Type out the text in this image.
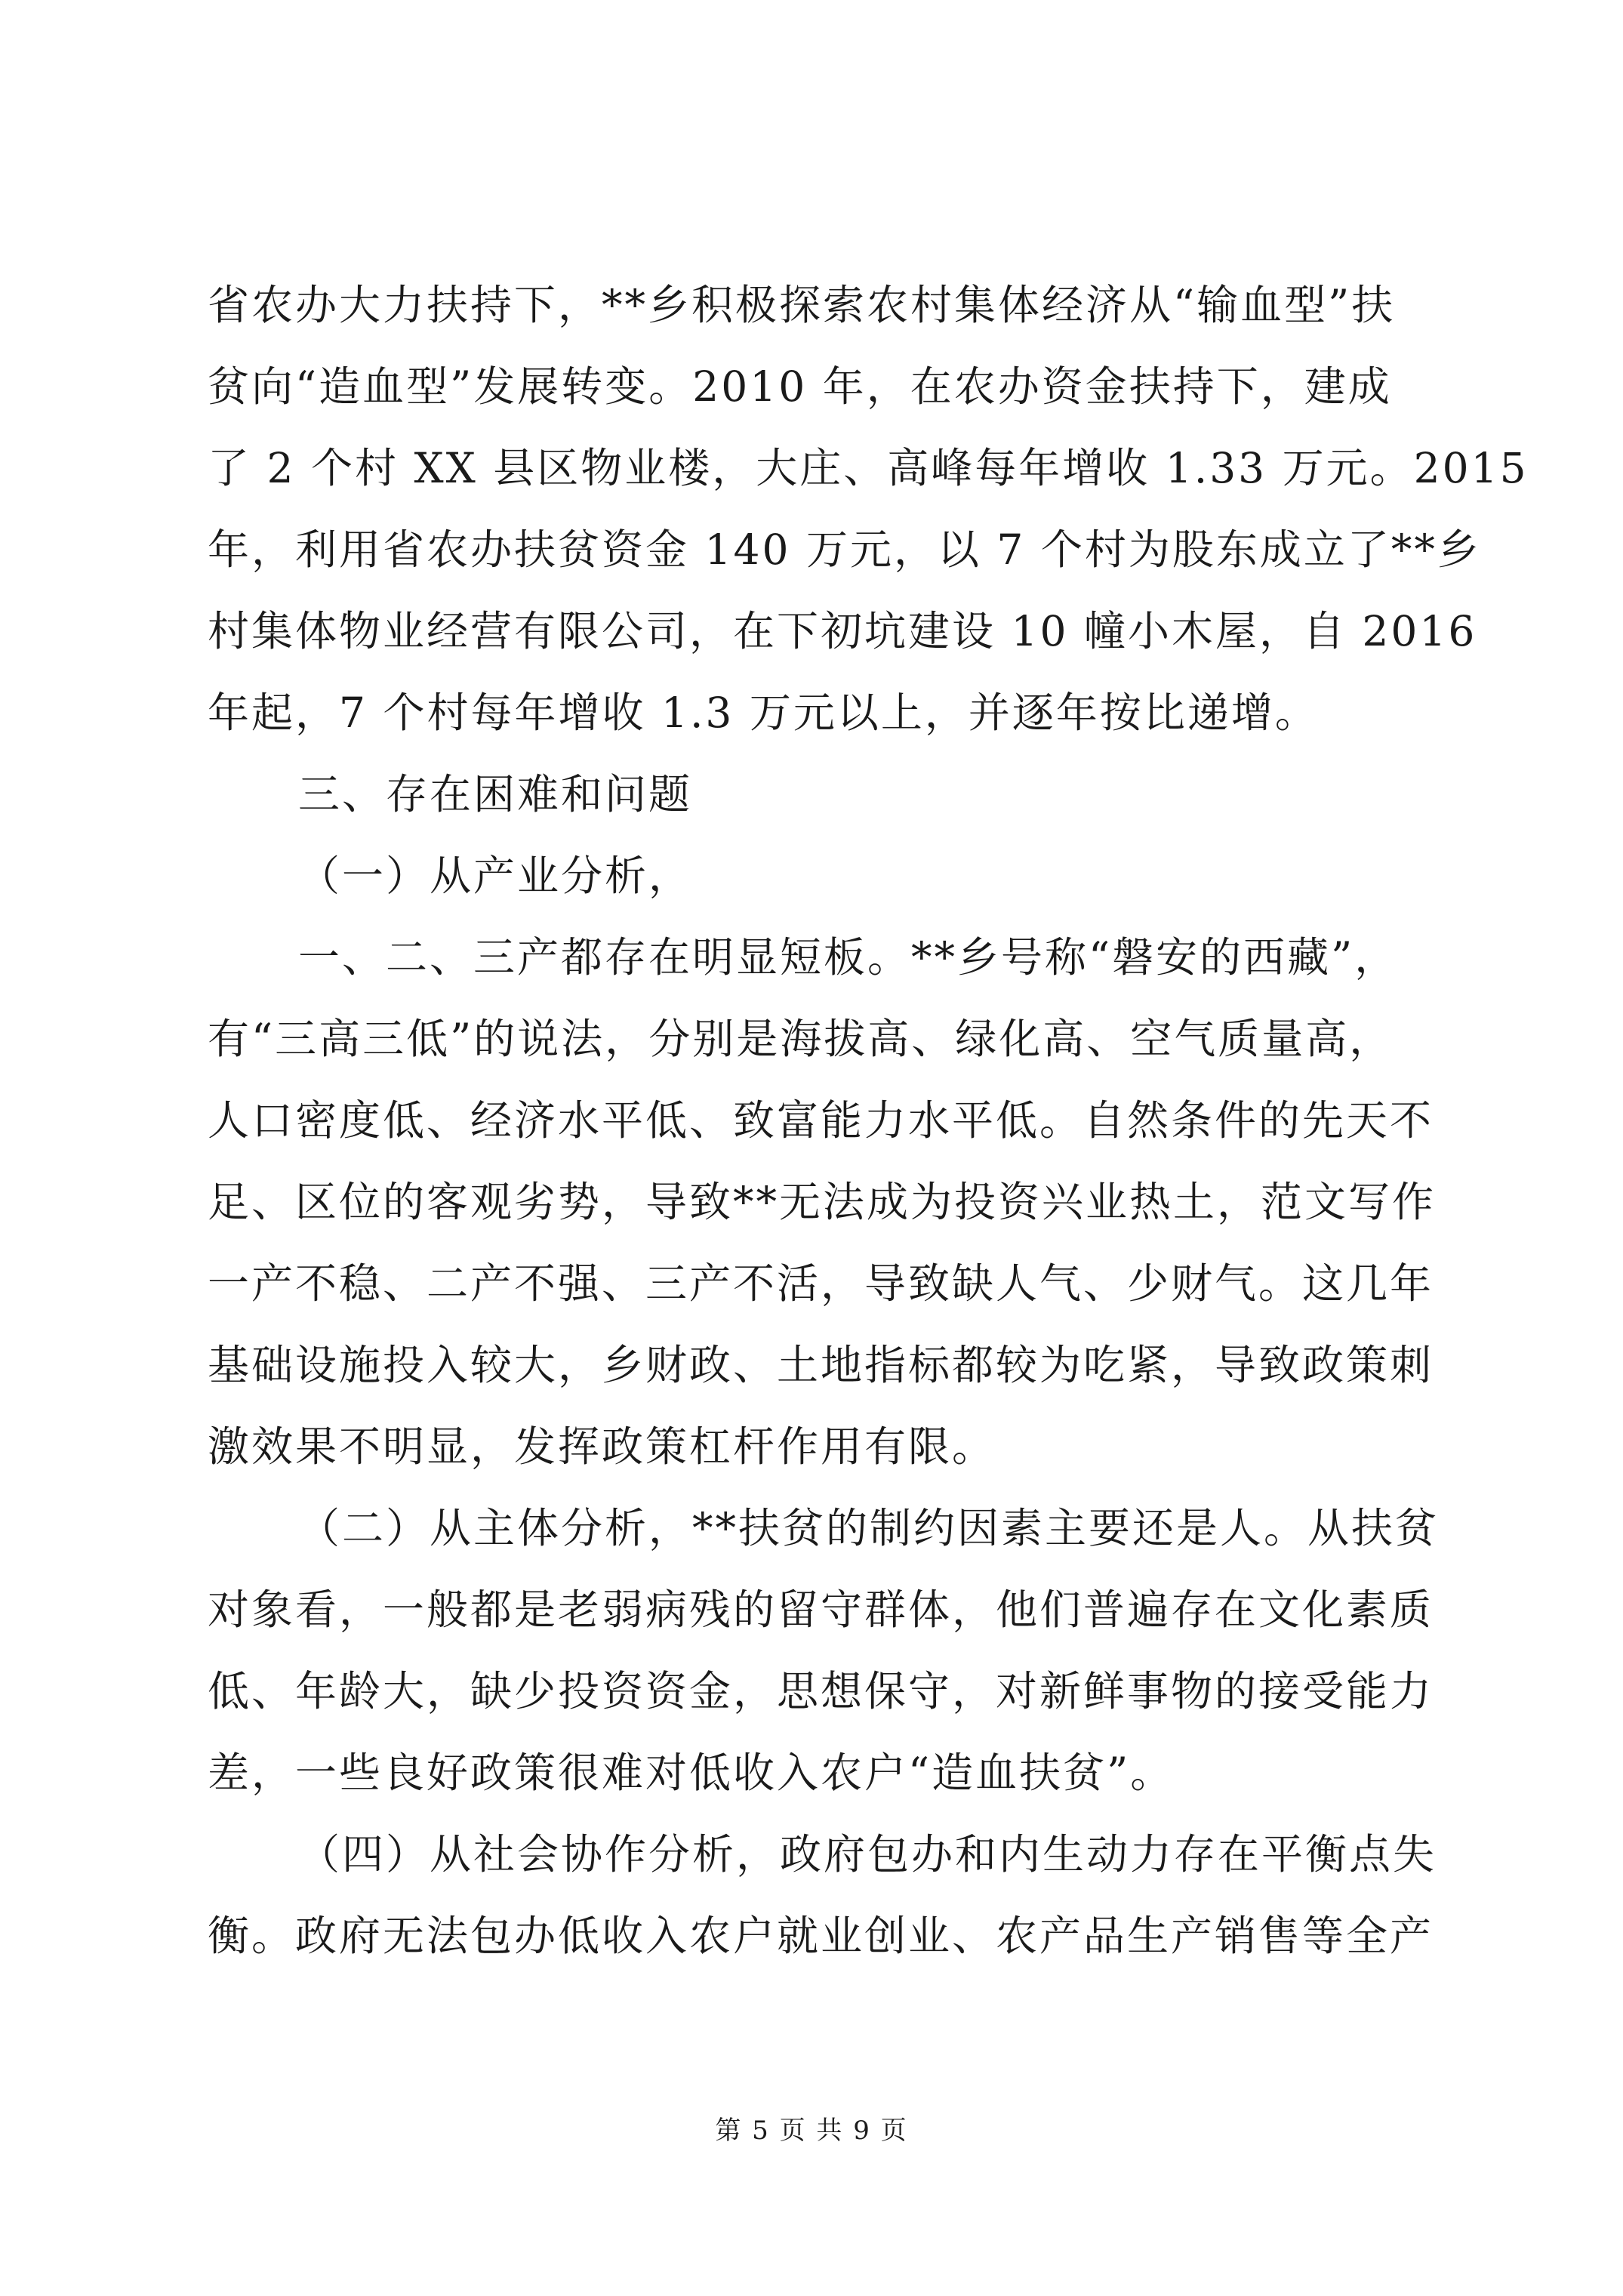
省农办大力扶持下，**乡积极探索农村集体经济从“输血型”扶
贫向“造血型”发展转变。2010 年，在农办资金扶持下，建成
了 2 个村 XX 县区物业楼，大庄、高峰每年增收 1.33 万元。2015
年，利用省农办扶贫资金 140 万元，以 7 个村为股东成立了**乡
村集体物业经营有限公司，在下初坑建设 10 幢小木屋，自 2016
年起，7 个村每年增收 1.3 万元以上，并逐年按比递增。
三、存在困难和问题
（一）从产业分析，
一、二、三产都存在明显短板。**乡号称“磐安的西藏”，
有“三高三低”的说法，分别是海拔高、绿化高、空气质量高，
人口密度低、经济水平低、致富能力水平低。自然条件的先天不
足、区位的客观劣势，导致**无法成为投资兴业热土，范文写作
一产不稳、二产不强、三产不活，导致缺人气、少财气。这几年
基础设施投入较大，乡财政、土地指标都较为吃紧，导致政策刺
激效果不明显，发挥政策杠杆作用有限。
（二）从主体分析，**扶贫的制约因素主要还是人。从扶贫
对象看，一般都是老弱病残的留守群体，他们普遍存在文化素质
低、年龄大，缺少投资资金，思想保守，对新鲜事物的接受能力
差，一些良好政策很难对低收入农户“造血扶贫”。
（四）从社会协作分析，政府包办和内生动力存在平衡点失
衡。政府无法包办低收入农户就业创业、农产品生产销售等全产
第 5 页 共 9 页
